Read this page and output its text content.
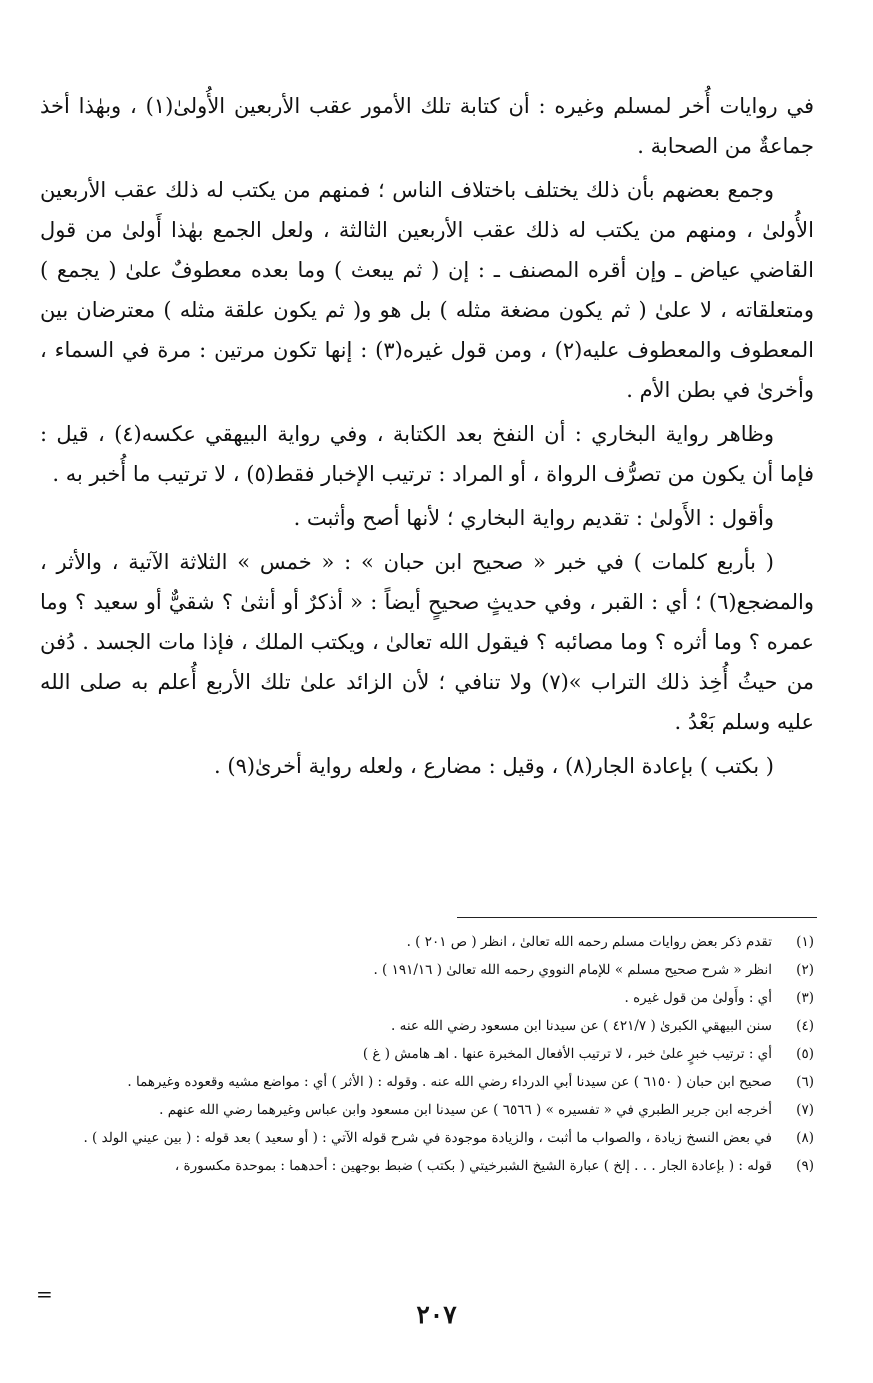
في روايات أُخر لمسلم وغيره : أن كتابة تلك الأمور عقب الأربعين الأُولىٰ(١) ، وبهٰذا أخذ جماعةٌ من الصحابة .

وجمع بعضهم بأن ذلك يختلف باختلاف الناس ؛ فمنهم من يكتب له ذلك عقب الأربعين الأُولىٰ ، ومنهم من يكتب له ذلك عقب الأربعين الثالثة ، ولعل الجمع بهٰذا أَولىٰ من قول القاضي عياض ـ وإن أقره المصنف ـ : إن ( ثم يبعث ) وما بعده معطوفٌ علىٰ ( يجمع ) ومتعلقاته ، لا علىٰ ( ثم يكون مضغة مثله ) بل هو و( ثم يكون علقة مثله ) معترضان بين المعطوف والمعطوف عليه(٢) ، ومن قول غيره(٣) : إنها تكون مرتين : مرة في السماء ، وأخرىٰ في بطن الأم .

وظاهر رواية البخاري : أن النفخ بعد الكتابة ، وفي رواية البيهقي عكسه(٤) ، قيل : فإما أن يكون من تصرُّف الرواة ، أو المراد : ترتيب الإخبار فقط(٥) ، لا ترتيب ما أُخبر به .

وأقول : الأَولىٰ : تقديم رواية البخاري ؛ لأنها أصح وأثبت .

( بأربع كلمات ) في خبر « صحيح ابن حبان » : « خمس » الثلاثة الآتية ، والأثر ، والمضجع(٦) ؛ أي : القبر ، وفي حديثٍ صحيحٍ أيضاً : « أذكرٌ أو أنثىٰ ؟ شقيٌّ أو سعيد ؟ وما عمره ؟ وما أثره ؟ وما مصائبه ؟ فيقول الله تعالىٰ ، ويكتب الملك ، فإذا مات الجسد . دُفن من حيثُ أُخِذ ذلك التراب »(٧) ولا تنافي ؛ لأن الزائد علىٰ تلك الأربع أُعلم به صلى الله عليه وسلم بَعْدُ .

( بكتب ) بإعادة الجار(٨) ، وقيل : مضارع ، ولعله رواية أخرىٰ(٩) .

(١)
تقدم ذكر بعض روايات مسلم رحمه الله تعالىٰ ، انظر ( ص ٢٠١ ) .
(٢)
انظر « شرح صحيح مسلم » للإمام النووي رحمه الله تعالىٰ ( ١٩١/١٦ ) .
(٣)
أي : وأَولىٰ من قول غيره .
(٤)
سنن البيهقي الكبرىٰ ( ٤٢١/٧ ) عن سيدنا ابن مسعود رضي الله عنه .
(٥)
أي : ترتيب خبرٍ علىٰ خبر ، لا ترتيب الأفعال المخبرة عنها . اهـ هامش ( غ )
(٦)
صحيح ابن حبان ( ٦١٥٠ ) عن سيدنا أبي الدرداء رضي الله عنه . وقوله : ( الأثر ) أي : مواضع مشيه وقعوده وغيرهما .
(٧)
أخرجه ابن جرير الطبري في « تفسيره » ( ٦٥٦٦ ) عن سيدنا ابن مسعود وابن عباس وغيرهما رضي الله عنهم .
(٨)
في بعض النسخ زيادة ، والصواب ما أثبت ، والزيادة موجودة في شرح قوله الآتي : ( أو سعيد ) بعد قوله : ( بين عيني الولد ) .
(٩)
قوله : ( بإعادة الجار . . . إلخ ) عبارة الشيخ الشبرخيتي ( بكتب ) ضبط بوجهين : أحدهما : بموحدة مكسورة ،
=
٢٠٧
